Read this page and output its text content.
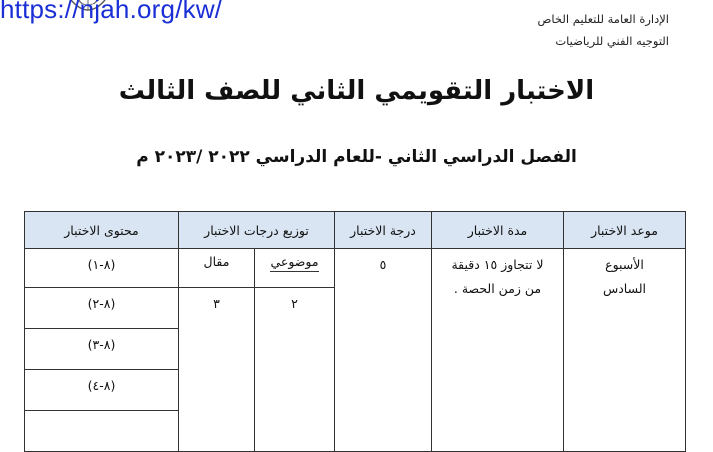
https://njah.org/kw/	الإدارة العامة للتعليم الخاص
التوجيه الفني للرياضيات
الاختبار التقويمي الثاني للصف الثالث
الفصل الدراسي الثاني -للعام الدراسي ٢٠٢٢ /٢٠٢٣ م
موعد الاختبار	مدة الاختبار	درجة الاختبار	توزيع درجات الاختبار		محتوى الاختبار

الأسبوع السادس	لا تتجاوز ١٥ دقيقة من زمن الحصة .	٥	موضوعي	مقال	(٨-١)

			٢	٣	(٨-٢)

					(٨-٣)

					(٨-٤)
